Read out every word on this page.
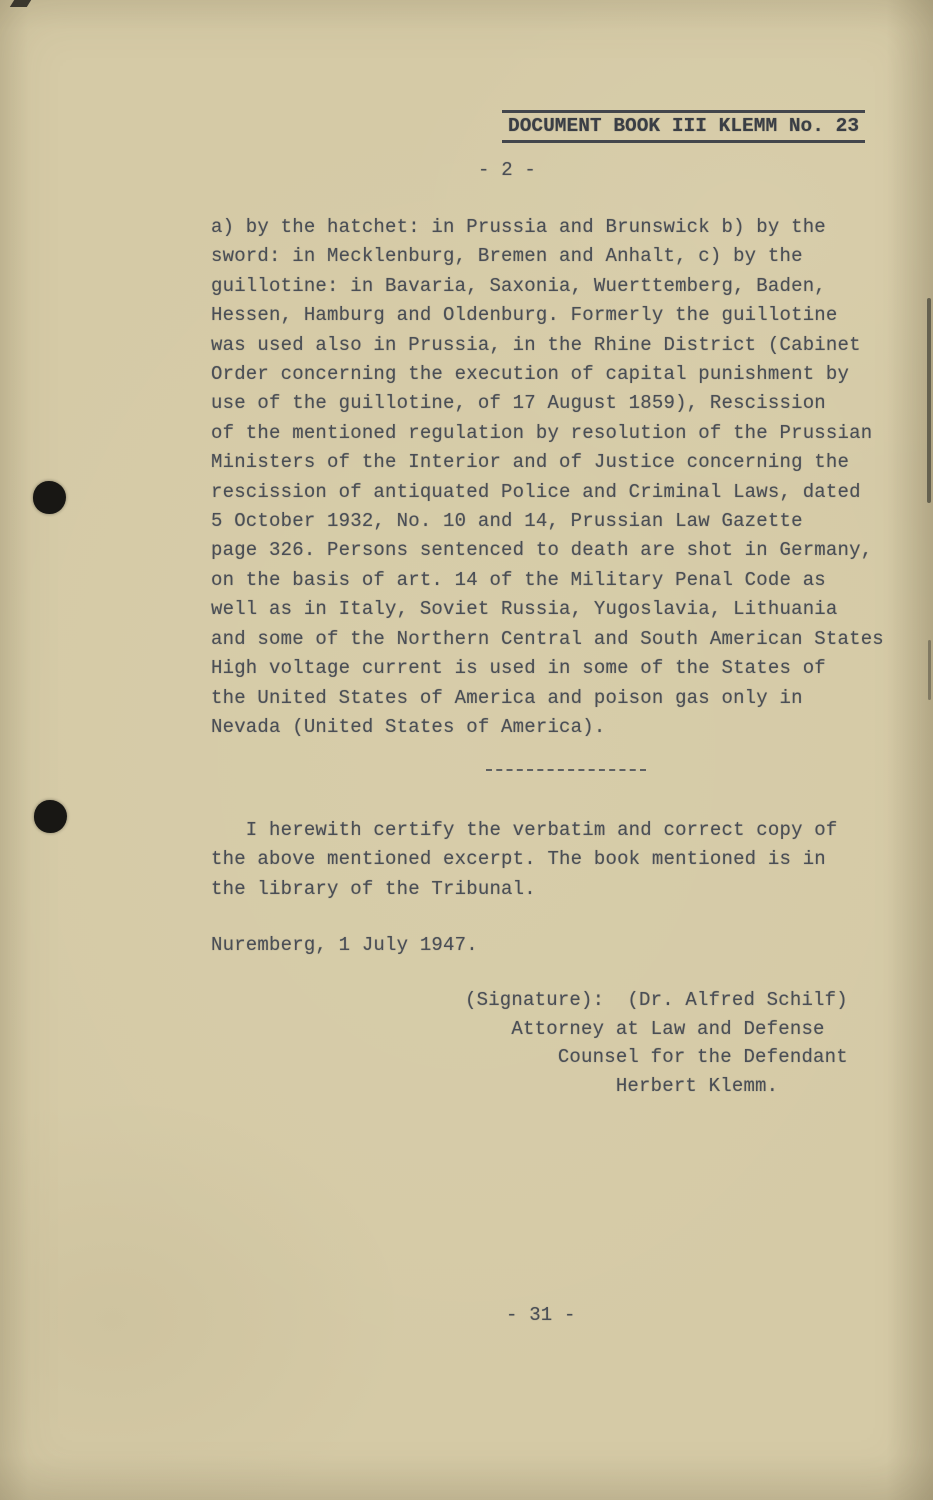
DOCUMENT BOOK III KLEMM No. 23
- 2 -
a) by the hatchet: in Prussia and Brunswick b) by the
sword: in Mecklenburg, Bremen and Anhalt, c) by the
guillotine: in Bavaria, Saxonia, Wuerttemberg, Baden,
Hessen, Hamburg and Oldenburg. Formerly the guillotine
was used also in Prussia, in the Rhine District (Cabinet
Order concerning the execution of capital punishment by
use of the guillotine, of 17 August 1859), Rescission
of the mentioned regulation by resolution of the Prussian
Ministers of the Interior and of Justice concerning the
rescission of antiquated Police and Criminal Laws, dated
5 October 1932, No. 10 and 14, Prussian Law Gazette
page 326. Persons sentenced to death are shot in Germany,
on the basis of art. 14 of the Military Penal Code as
well as in Italy, Soviet Russia, Yugoslavia, Lithuania
and some of the Northern Central and South American States
High voltage current is used in some of the States of
the United States of America and poison gas only in
Nevada (United States of America).
I herewith certify the verbatim and correct copy of
the above mentioned excerpt. The book mentioned is in
the library of the Tribunal.
Nuremberg, 1 July 1947.
(Signature):  (Dr. Alfred Schilf)
Attorney at Law and Defense
Counsel for the Defendant
Herbert Klemm.
- 31 -
